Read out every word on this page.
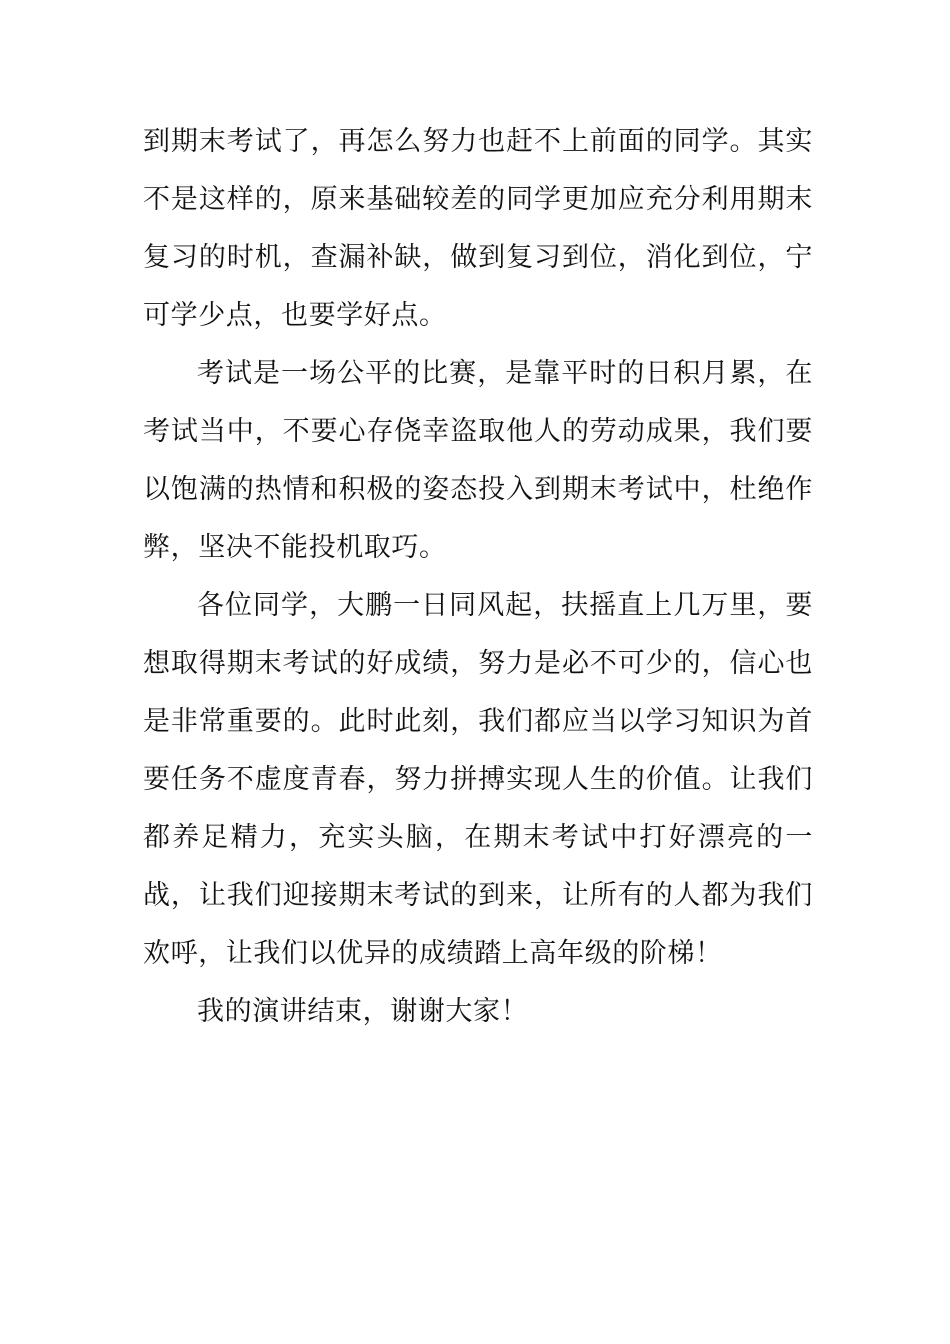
到期末考试了，再怎么努力也赶不上前面的同学。其实不是这样的，原来基础较差的同学更加应充分利用期末复习的时机，查漏补缺，做到复习到位，消化到位，宁可学少点，也要学好点。

考试是一场公平的比赛，是靠平时的日积月累，在考试当中，不要心存侥幸盗取他人的劳动成果，我们要以饱满的热情和积极的姿态投入到期末考试中，杜绝作弊，坚决不能投机取巧。

各位同学，大鹏一日同风起，扶摇直上几万里，要想取得期末考试的好成绩，努力是必不可少的，信心也是非常重要的。此时此刻，我们都应当以学习知识为首要任务不虚度青春，努力拼搏实现人生的价值。让我们都养足精力，充实头脑，在期末考试中打好漂亮的一战，让我们迎接期末考试的到来，让所有的人都为我们欢呼，让我们以优异的成绩踏上高年级的阶梯！

我的演讲结束，谢谢大家！
